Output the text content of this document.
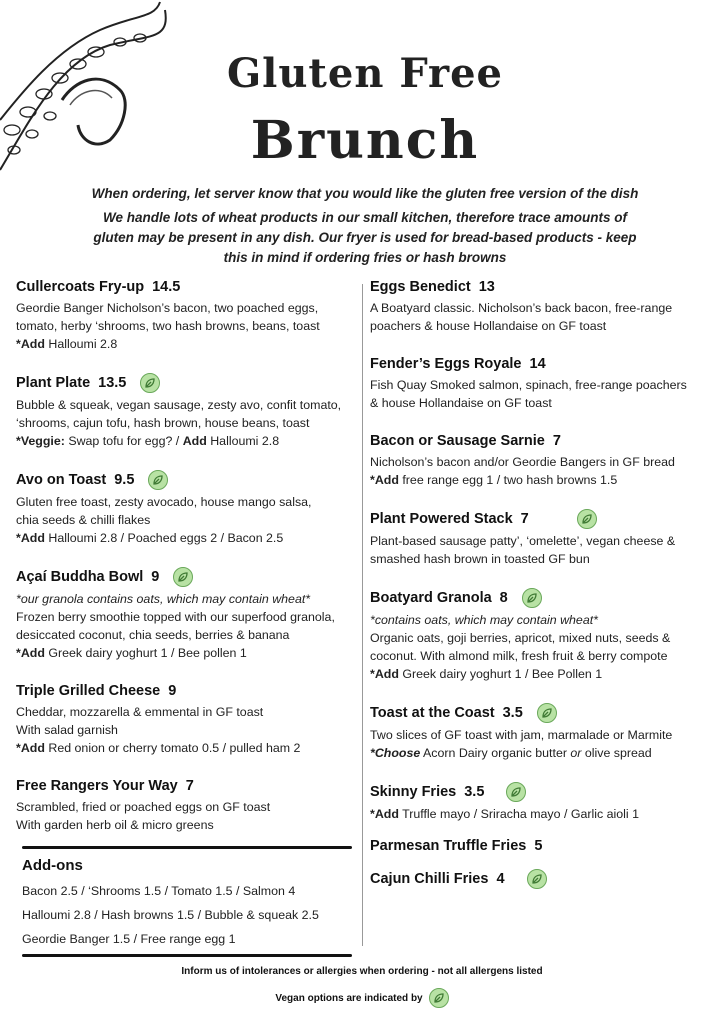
Gluten Free
Brunch
When ordering, let server know that you would like the gluten free version of the dish
We handle lots of wheat products in our small kitchen, therefore trace amounts of
gluten may be present in any dish. Our fryer is used for bread-based products - keep
this in mind if ordering fries or hash browns
Cullercoats Fry-up 14.5
Geordie Banger Nicholson’s bacon, two poached eggs,
tomato, herby ‘shrooms, two hash browns, beans, toast
*Add Halloumi 2.8
Plant Plate 13.5
Bubble & squeak, vegan sausage, zesty avo, confit tomato,
‘shrooms, cajun tofu, hash brown, house beans, toast
*Veggie: Swap tofu for egg? / Add Halloumi 2.8
Avo on Toast 9.5
Gluten free toast, zesty avocado, house mango salsa,
chia seeds & chilli flakes
*Add Halloumi 2.8 / Poached eggs 2 / Bacon 2.5
Açaí Buddha Bowl 9
*our granola contains oats, which may contain wheat*
Frozen berry smoothie topped with our superfood granola,
desiccated coconut, chia seeds, berries & banana
*Add Greek dairy yoghurt 1 / Bee pollen 1
Triple Grilled Cheese 9
Cheddar, mozzarella & emmental in GF toast
With salad garnish
*Add Red onion or cherry tomato 0.5 / pulled ham 2
Free Rangers Your Way 7
Scrambled, fried or poached eggs on GF toast
With garden herb oil & micro greens
Add-ons
Bacon 2.5 / ‘Shrooms 1.5 / Tomato 1.5 / Salmon 4
Halloumi 2.8 / Hash browns 1.5 / Bubble & squeak 2.5
Geordie Banger 1.5 / Free range egg 1
Eggs Benedict 13
A Boatyard classic. Nicholson’s back bacon, free-range
poachers & house Hollandaise on GF toast
Fender’s Eggs Royale 14
Fish Quay Smoked salmon, spinach, free-range poachers
& house Hollandaise on GF toast
Bacon or Sausage Sarnie 7
Nicholson’s bacon and/or Geordie Bangers in GF bread
*Add free range egg 1 / two hash browns 1.5
Plant Powered Stack 7
Plant-based sausage patty’, ‘omelette’, vegan cheese &
smashed hash brown in toasted GF bun
Boatyard Granola 8
*contains oats, which may contain wheat*
Organic oats, goji berries, apricot, mixed nuts, seeds &
coconut. With almond milk, fresh fruit & berry compote
*Add Greek dairy yoghurt 1 / Bee Pollen 1
Toast at the Coast 3.5
Two slices of GF toast with jam, marmalade or Marmite
*Choose Acorn Dairy organic butter or olive spread
Skinny Fries 3.5
*Add Truffle mayo / Sriracha mayo / Garlic aioli 1
Parmesan Truffle Fries 5
Cajun Chilli Fries 4
Inform us of intolerances or allergies when ordering - not all allergens listed
Vegan options are indicated by
